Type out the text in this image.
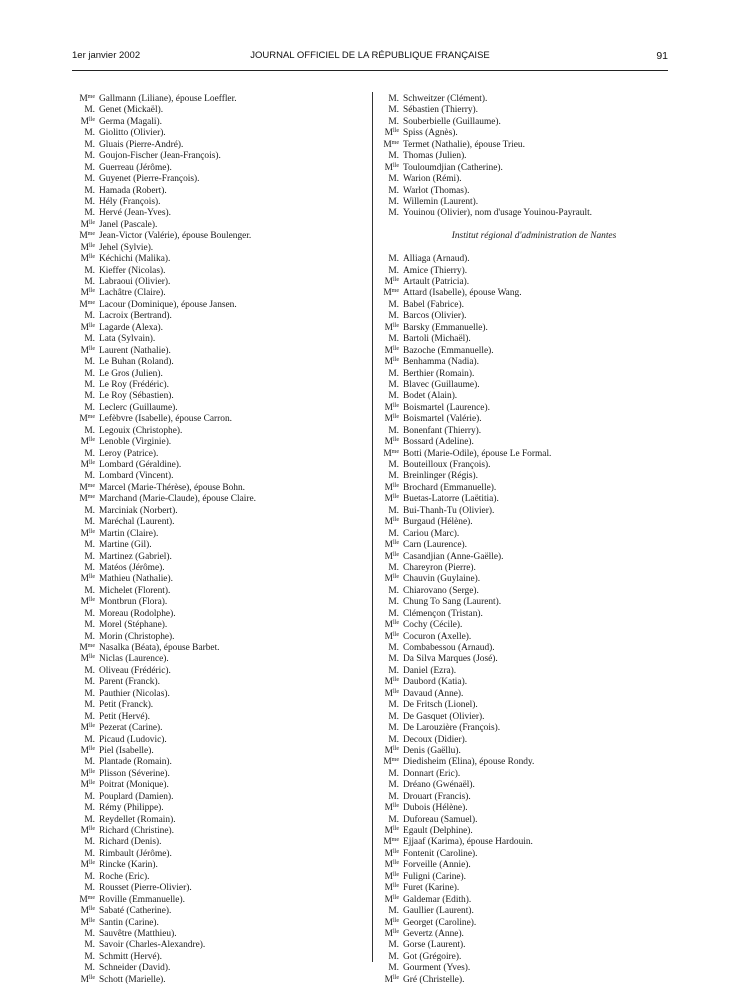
1er janvier 2002	JOURNAL OFFICIEL DE LA RÉPUBLIQUE FRANÇAISE	91
$M^{me}$ Gallmann (Liliane), épouse Loeffler.
M. Genet (Mickaël).
$M^{lle}$ Germa (Magali).
M. Giolitto (Olivier).
M. Gluais (Pierre-André).
M. Goujon-Fischer (Jean-François).
M. Guerreau (Jérôme).
M. Guyenet (Pierre-François).
M. Hamada (Robert).
M. Hély (François).
M. Hervé (Jean-Yves).
$M^{lle}$ Janel (Pascale).
$M^{me}$ Jean-Victor (Valérie), épouse Boulenger.
$M^{lle}$ Jehel (Sylvie).
$M^{lle}$ Kéchichi (Malika).
M. Kieffer (Nicolas).
M. Labraoui (Olivier).
$M^{lle}$ Lachâtre (Claire).
$M^{me}$ Lacour (Dominique), épouse Jansen.
M. Lacroix (Bertrand).
$M^{lle}$ Lagarde (Alexa).
M. Lata (Sylvain).
$M^{lle}$ Laurent (Nathalie).
M. Le Buhan (Roland).
M. Le Gros (Julien).
M. Le Roy (Frédéric).
M. Le Roy (Sébastien).
M. Leclerc (Guillaume).
$M^{me}$ Lefèbvre (Isabelle), épouse Carron.
M. Legouix (Christophe).
$M^{lle}$ Lenoble (Virginie).
M. Leroy (Patrice).
$M^{lle}$ Lombard (Géraldine).
M. Lombard (Vincent).
$M^{me}$ Marcel (Marie-Thérèse), épouse Bohn.
$M^{me}$ Marchand (Marie-Claude), épouse Claire.
M. Marciniak (Norbert).
M. Maréchal (Laurent).
$M^{lle}$ Martin (Claire).
M. Martine (Gil).
M. Martinez (Gabriel).
M. Matéos (Jérôme).
$M^{lle}$ Mathieu (Nathalie).
M. Michelet (Florent).
$M^{lle}$ Montbrun (Flora).
M. Moreau (Rodolphe).
M. Morel (Stéphane).
M. Morin (Christophe).
$M^{me}$ Nasalka (Béata), épouse Barbet.
$M^{lle}$ Niclas (Laurence).
M. Oliveau (Frédéric).
M. Parent (Franck).
M. Pauthier (Nicolas).
M. Petit (Franck).
M. Petit (Hervé).
$M^{lle}$ Pezerat (Carine).
M. Picaud (Ludovic).
$M^{lle}$ Piel (Isabelle).
M. Plantade (Romain).
$M^{lle}$ Plisson (Séverine).
$M^{lle}$ Poitrat (Monique).
M. Pouplard (Damien).
M. Rémy (Philippe).
M. Reydellet (Romain).
$M^{lle}$ Richard (Christine).
M. Richard (Denis).
M. Rimbault (Jérôme).
$M^{lle}$ Rincke (Karin).
M. Roche (Eric).
M. Rousset (Pierre-Olivier).
$M^{me}$ Roville (Emmanuelle).
$M^{lle}$ Sabaté (Catherine).
$M^{lle}$ Santin (Carine).
M. Sauvêtre (Matthieu).
M. Savoir (Charles-Alexandre).
M. Schmitt (Hervé).
M. Schneider (David).
$M^{lle}$ Schott (Marielle).
M. Schweitzer (Clément).
M. Sébastien (Thierry).
M. Souberbielle (Guillaume).
$M^{lle}$ Spiss (Agnès).
$M^{me}$ Termet (Nathalie), épouse Trieu.
M. Thomas (Julien).
$M^{lle}$ Touloumdjian (Catherine).
M. Warion (Rémi).
M. Warlot (Thomas).
M. Willemin (Laurent).
M. Youinou (Olivier), nom d'usage Youinou-Payrault.
Institut régional d'administration de Nantes
M. Alliaga (Arnaud).
M. Amice (Thierry).
$M^{lle}$ Artault (Patricia).
$M^{me}$ Attard (Isabelle), épouse Wang.
M. Babel (Fabrice).
M. Barcos (Olivier).
$M^{lle}$ Barsky (Emmanuelle).
M. Bartoli (Michaël).
$M^{lle}$ Bazoche (Emmanuelle).
$M^{lle}$ Benhamma (Nadia).
M. Berthier (Romain).
M. Blavec (Guillaume).
M. Bodet (Alain).
$M^{lle}$ Boismartel (Laurence).
$M^{lle}$ Boismartel (Valérie).
M. Bonenfant (Thierry).
$M^{lle}$ Bossard (Adeline).
$M^{me}$ Botti (Marie-Odile), épouse Le Formal.
M. Bouteilloux (François).
M. Breinlinger (Régis).
$M^{lle}$ Brochard (Emmanuelle).
$M^{lle}$ Buetas-Latorre (Laëtitia).
M. Bui-Thanh-Tu (Olivier).
$M^{lle}$ Burgaud (Hélène).
M. Cariou (Marc).
$M^{lle}$ Carn (Laurence).
$M^{lle}$ Casandjian (Anne-Gaëlle).
M. Chareyron (Pierre).
$M^{lle}$ Chauvin (Guylaine).
M. Chiarovano (Serge).
M. Chung To Sang (Laurent).
M. Clémençon (Tristan).
$M^{lle}$ Cochy (Cécile).
$M^{lle}$ Cocuron (Axelle).
M. Combabessou (Arnaud).
M. Da Silva Marques (José).
M. Daniel (Ezra).
$M^{lle}$ Daubord (Katia).
$M^{lle}$ Davaud (Anne).
M. De Fritsch (Lionel).
M. De Gasquet (Olivier).
M. De Larouzière (François).
M. Decoux (Didier).
$M^{lle}$ Denis (Gaëllu).
$M^{me}$ Diedisheim (Elina), épouse Rondy.
M. Donnart (Eric).
M. Dréano (Gwénaël).
M. Drouart (Francis).
$M^{lle}$ Dubois (Hélène).
M. Duforeau (Samuel).
$M^{lle}$ Egault (Delphine).
$M^{me}$ Ejjaaf (Karima), épouse Hardouin.
$M^{lle}$ Fontenit (Caroline).
$M^{lle}$ Forveille (Annie).
$M^{lle}$ Fuligni (Carine).
$M^{lle}$ Furet (Karine).
$M^{lle}$ Galdemar (Edith).
M. Gaullier (Laurent).
$M^{lle}$ Georget (Caroline).
$M^{lle}$ Gevertz (Anne).
M. Gorse (Laurent).
M. Got (Grégoire).
M. Gourment (Yves).
$M^{lle}$ Gré (Christelle).
